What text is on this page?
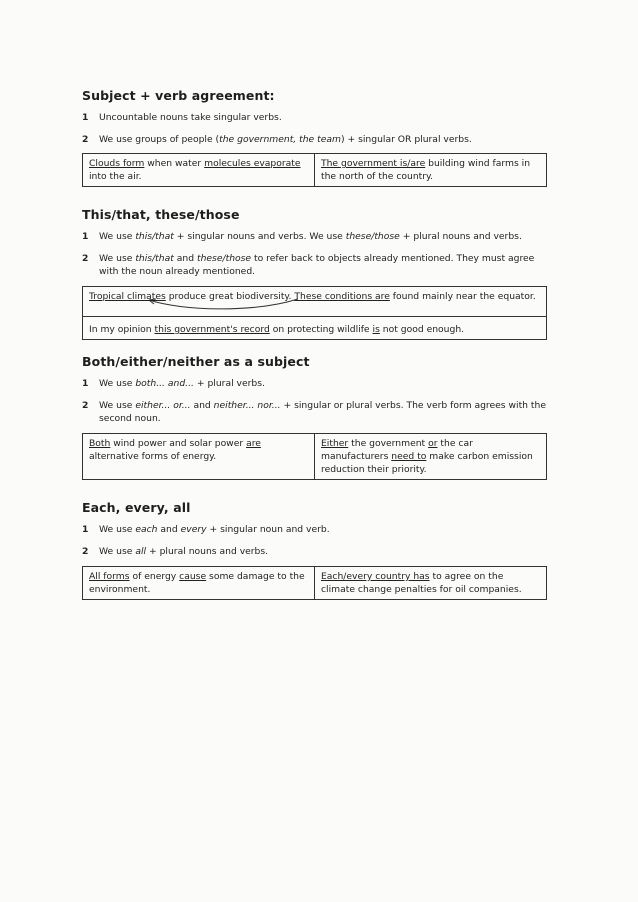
Subject + verb agreement:
1 Uncountable nouns take singular verbs.
2 We use groups of people (the government, the team) + singular OR plural verbs.
Clouds form when water molecules evaporate into the air.
The government is/are building wind farms in the north of the country.
This/that, these/those
1 We use this/that + singular nouns and verbs. We use these/those + plural nouns and verbs.
2 We use this/that and these/those to refer back to objects already mentioned. They must agree with the noun already mentioned.
Tropical climates produce great biodiversity. These conditions are found mainly near the equator.
In my opinion this government's record on protecting wildlife is not good enough.
Both/either/neither as a subject
1 We use both... and... + plural verbs.
2 We use either... or... and neither... nor... + singular or plural verbs. The verb form agrees with the second noun.
Both wind power and solar power are alternative forms of energy.
Either the government or the car manufacturers need to make carbon emission reduction their priority.
Each, every, all
1 We use each and every + singular noun and verb.
2 We use all + plural nouns and verbs.
All forms of energy cause some damage to the environment.
Each/every country has to agree on the climate change penalties for oil companies.
